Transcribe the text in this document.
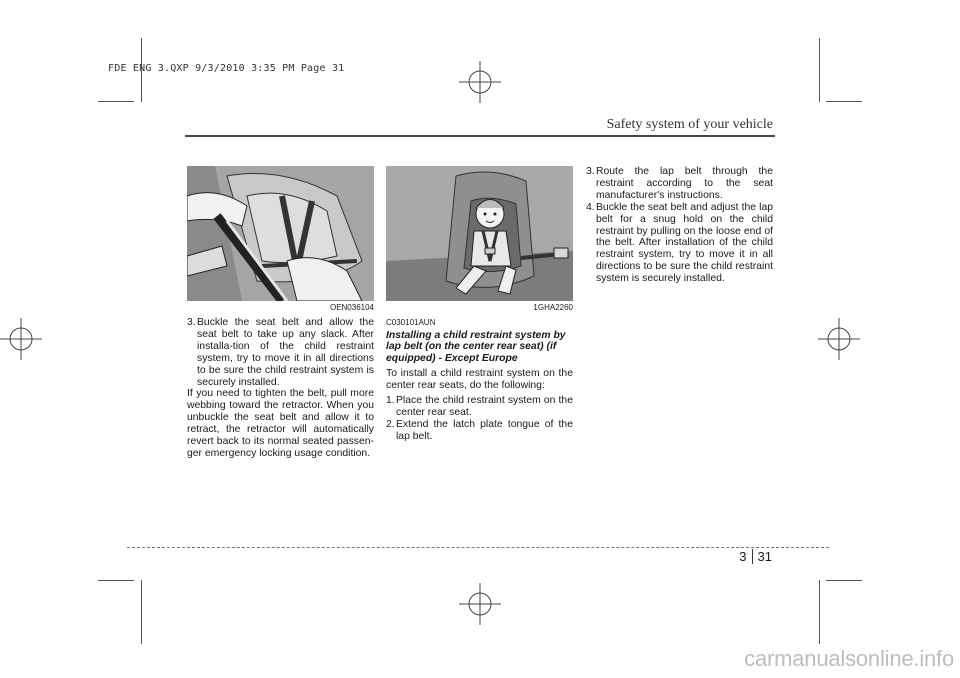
FDE ENG 3.QXP 9/3/2010 3:35 PM Page 31
Safety system of your vehicle
OEN036104
3. Buckle the seat belt and allow the seat belt to take up any slack. After installa-tion of the child restraint system, try to move it in all directions to be sure the child restraint system is securely installed.

If you need to tighten the belt, pull more webbing toward the retractor. When you unbuckle the seat belt and allow it to retract, the retractor will automatically revert back to its normal seated passen-ger emergency locking usage condition.

1GHA2260
C030101AUN
Installing a child restraint system by lap belt (on the center rear seat) (if equipped) - Except Europe

To install a child restraint system on the center rear seats, do the following:

1. Place the child restraint system on the center rear seat.
2. Extend the latch plate tongue of the lap belt.
3. Route the lap belt through the restraint according to the seat manufacturer's instructions.
4. Buckle the seat belt and adjust the lap belt for a snug hold on the child restraint by pulling on the loose end of the belt. After installation of the child restraint system, try to move it in all directions to be sure the child restraint system is securely installed.
3 31
carmanualsonline.info
